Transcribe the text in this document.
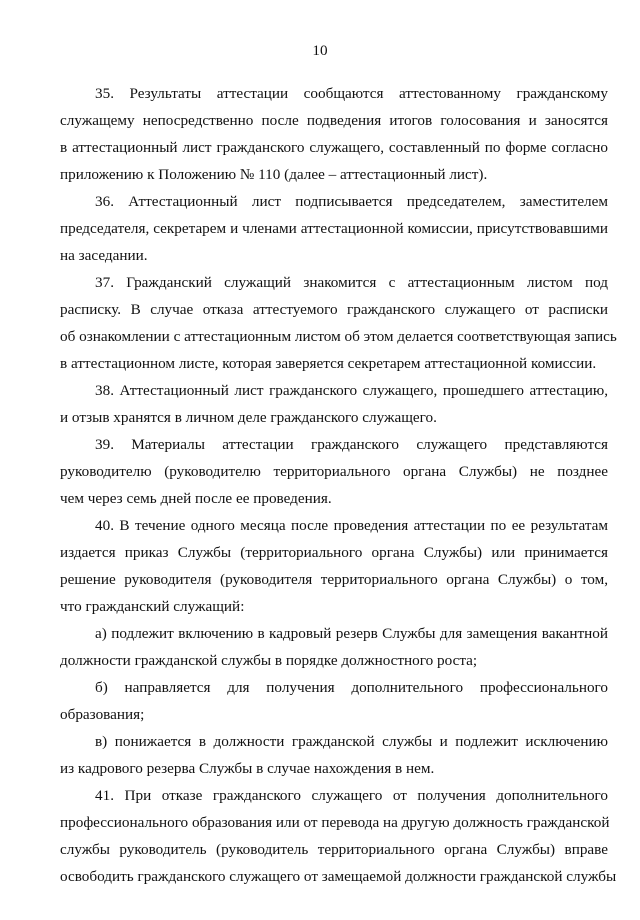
10
35. Результаты аттестации сообщаются аттестованному гражданскому
служащему непосредственно после подведения итогов голосования и заносятся
в аттестационный лист гражданского служащего, составленный по форме согласно
приложению к Положению № 110 (далее – аттестационный лист).
36. Аттестационный лист подписывается председателем, заместителем
председателя, секретарем и членами аттестационной комиссии, присутствовавшими
на заседании.
37. Гражданский служащий знакомится с аттестационным листом под
расписку. В случае отказа аттестуемого гражданского служащего от расписки
об ознакомлении с аттестационным листом об этом делается соответствующая запись
в аттестационном листе, которая заверяется секретарем аттестационной комиссии.
38. Аттестационный лист гражданского служащего, прошедшего аттестацию,
и отзыв хранятся в личном деле гражданского служащего.
39. Материалы аттестации гражданского служащего представляются
руководителю (руководителю территориального органа Службы) не позднее
чем через семь дней после ее проведения.
40. В течение одного месяца после проведения аттестации по ее результатам
издается приказ Службы (территориального органа Службы) или принимается
решение руководителя (руководителя территориального органа Службы) о том,
что гражданский служащий:
а) подлежит включению в кадровый резерв Службы для замещения вакантной
должности гражданской службы в порядке должностного роста;
б) направляется для получения дополнительного профессионального
образования;
в) понижается в должности гражданской службы и подлежит исключению
из кадрового резерва Службы в случае нахождения в нем.
41. При отказе гражданского служащего от получения дополнительного
профессионального образования или от перевода на другую должность гражданской
службы руководитель (руководитель территориального органа Службы) вправе
освободить гражданского служащего от замещаемой должности гражданской службы
